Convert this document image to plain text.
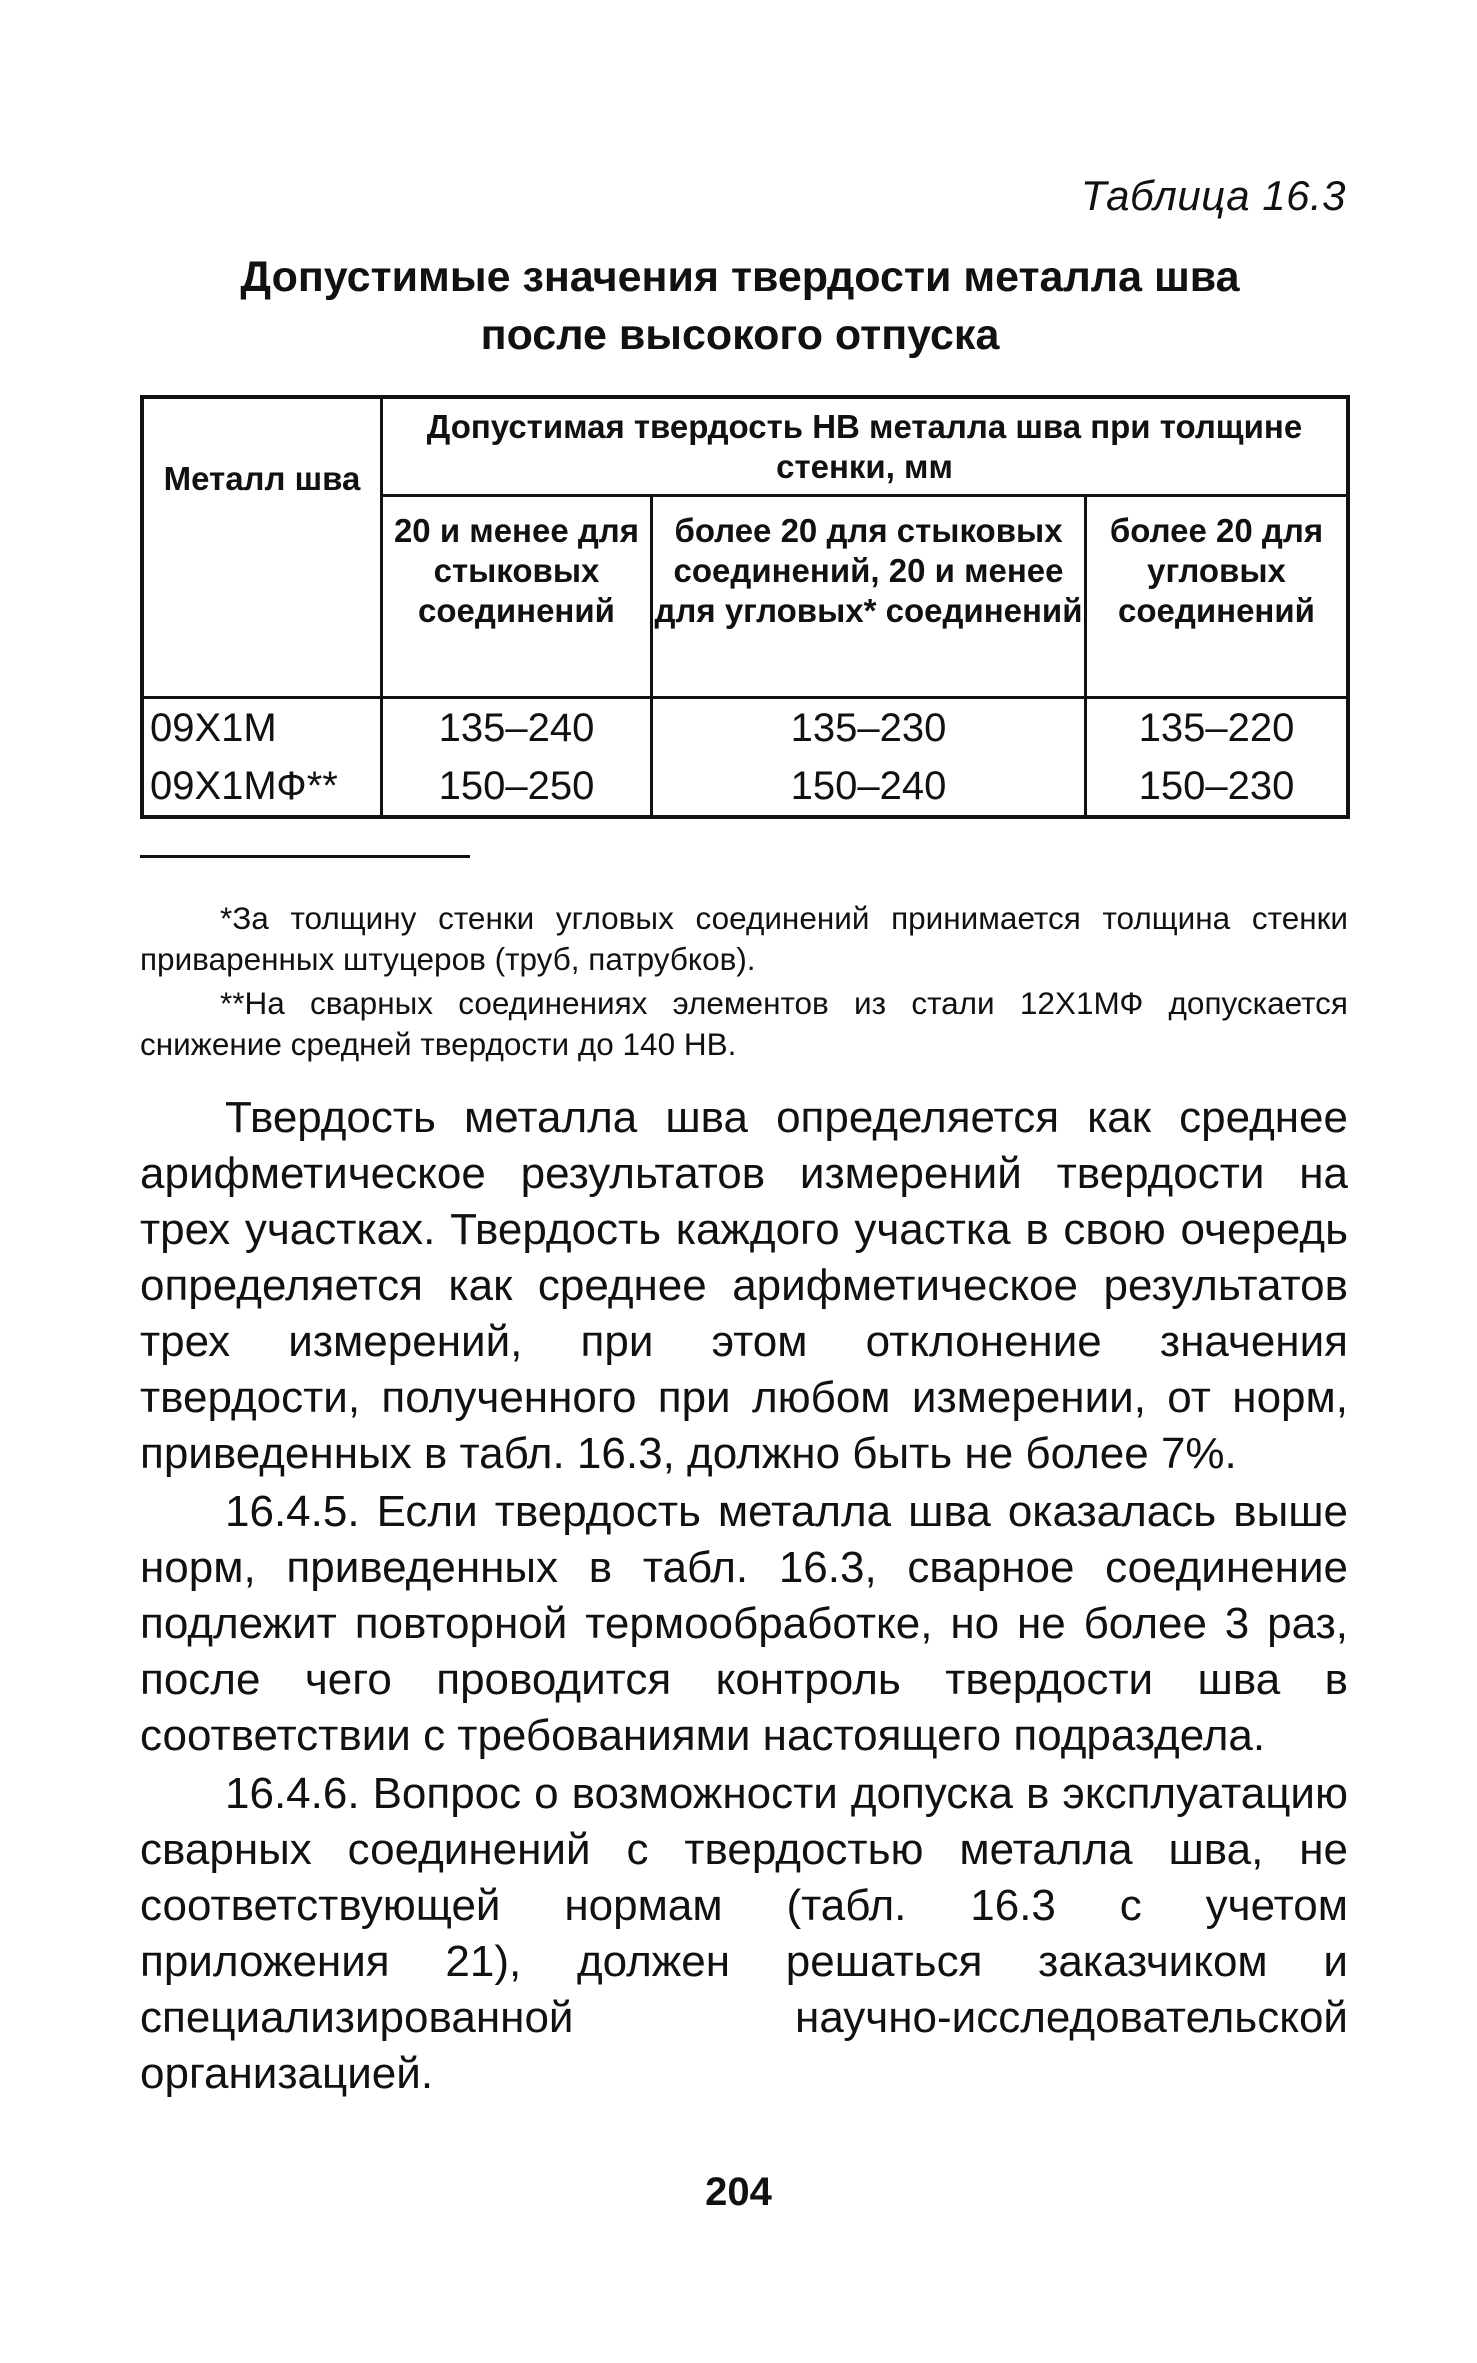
Таблица 16.3
Допустимые значения твердости металла шва
после высокого отпуска
Металл шва	Допустимая твердость НВ металла шва при толщине стенки, мм		
	20 и менее для стыковых соединений	более 20 для стыковых соединений, 20 и менее для угловых* соединений	более 20 для угловых соединений
09Х1М	135–240	135–230	135–220
09Х1МФ**	150–250	150–240	150–230
*За толщину стенки угловых соединений принимается толщина стенки приваренных штуцеров (труб, патрубков).
**На сварных соединениях элементов из стали 12Х1МФ допускается снижение средней твердости до 140 НВ.

Твердость металла шва определяется как среднее арифметическое результатов измерений твердости на трех участках. Твердость каждого участка в свою очередь определяется как среднее арифметическое результатов трех измерений, при этом отклонение значения твердости, полученного при любом измерении, от норм, приведенных в табл. 16.3, должно быть не более 7%.

16.4.5. Если твердость металла шва оказалась выше норм, приведенных в табл. 16.3, сварное соединение подлежит повторной термообработке, но не более 3 раз, после чего проводится контроль твердости шва в соответствии с требованиями настоящего подраздела.

16.4.6. Вопрос о возможности допуска в эксплуатацию сварных соединений с твердостью металла шва, не соответствующей нормам (табл. 16.3 с учетом приложения 21), должен решаться заказчиком и специализированной научно-исследовательской организацией.

204
